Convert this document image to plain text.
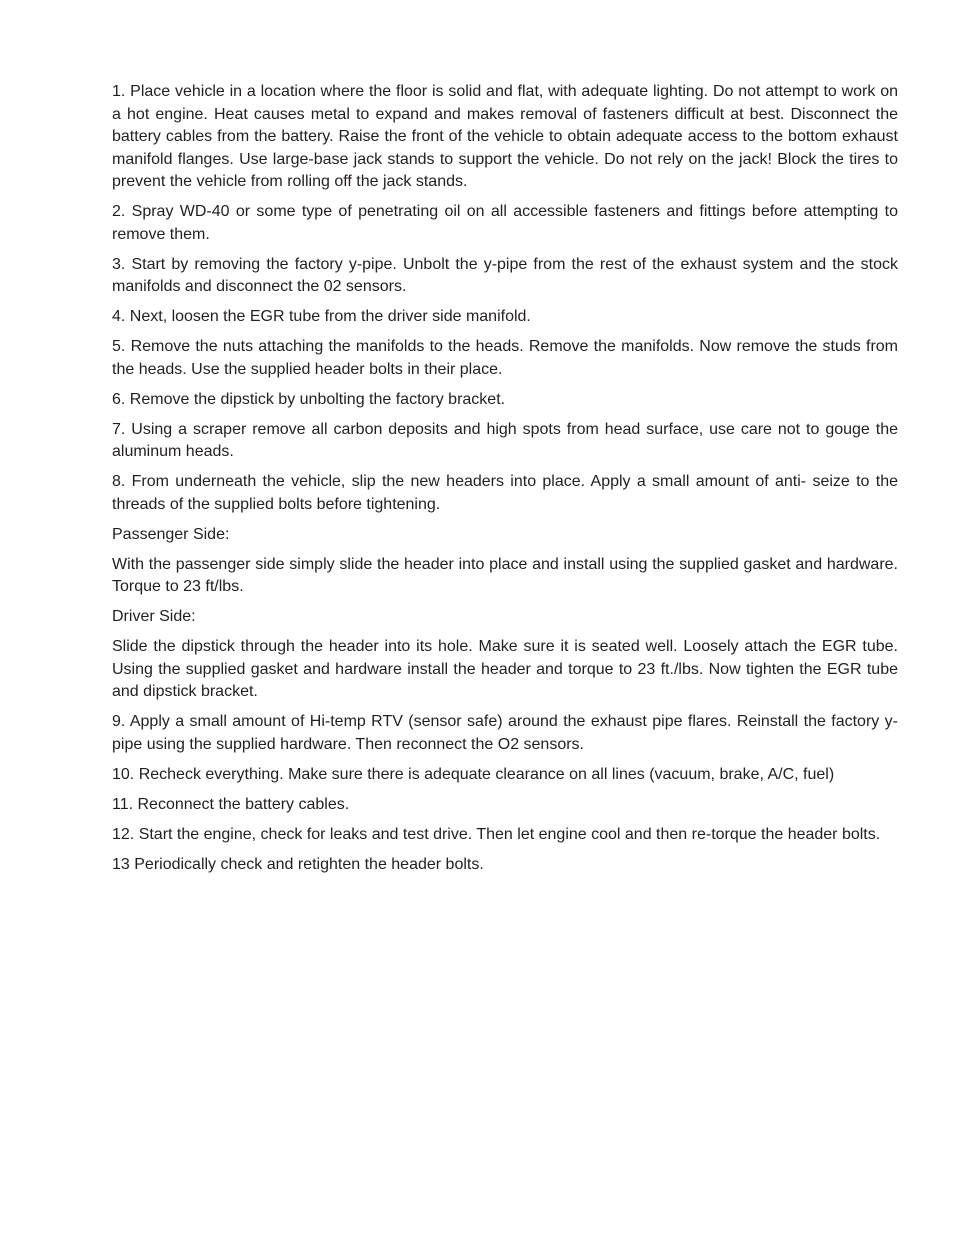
1. Place vehicle in a location where the floor is solid and flat, with adequate lighting. Do not attempt to work on a hot engine. Heat causes metal to expand and makes removal of fasteners difficult at best. Disconnect the battery cables from the battery. Raise the front of the vehicle to obtain adequate access to the bottom exhaust manifold flanges. Use large-base jack stands to support the vehicle. Do not rely on the jack! Block the tires to prevent the vehicle from rolling off the jack stands.

2. Spray WD-40 or some type of penetrating oil on all accessible fasteners and fittings before attempting to remove them.

3. Start by removing the factory y-pipe. Unbolt the y-pipe from the rest of the exhaust system and the stock manifolds and disconnect the 02 sensors.

4. Next, loosen the EGR tube from the driver side manifold.

5. Remove the nuts attaching the manifolds to the heads. Remove the manifolds. Now remove the studs from the heads. Use the supplied header bolts in their place.

6. Remove the dipstick by unbolting the factory bracket.

7. Using a scraper remove all carbon deposits and high spots from head surface, use care not to gouge the aluminum heads.

8. From underneath the vehicle, slip the new headers into place. Apply a small amount of anti- seize to the threads of the supplied bolts before tightening.

Passenger Side:

With the passenger side simply slide the header into place and install using the supplied gasket and hardware. Torque to 23 ft/lbs.

Driver Side:

Slide the dipstick through the header into its hole. Make sure it is seated well. Loosely attach the EGR tube. Using the supplied gasket and hardware install the header and torque to 23 ft./lbs. Now tighten the EGR tube and dipstick bracket.

9. Apply a small amount of Hi-temp RTV (sensor safe) around the exhaust pipe flares. Reinstall the factory y-pipe using the supplied hardware. Then reconnect the O2 sensors.

10. Recheck everything. Make sure there is adequate clearance on all lines (vacuum, brake, A/C, fuel)

11. Reconnect the battery cables.

12. Start the engine, check for leaks and test drive. Then let engine cool and then re-torque the header bolts.

13 Periodically check and retighten the header bolts.
